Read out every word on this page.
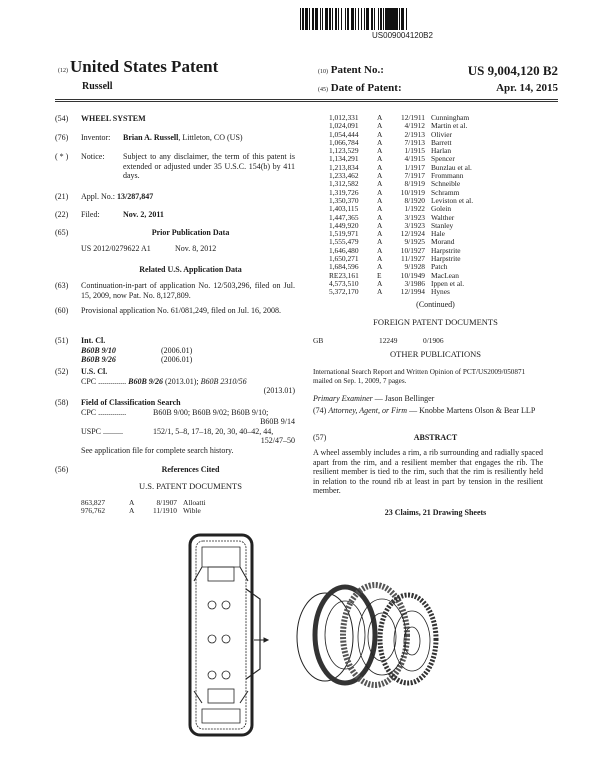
US009004120B2
(12) United States Patent
Russell
(10) Patent No.:	US 9,004,120 B2
(45) Date of Patent:	Apr. 14, 2015
(54) WHEEL SYSTEM
(76) Inventor: Brian A. Russell, Littleton, CO (US)
( * ) Notice: Subject to any disclaimer, the term of this patent is extended or adjusted under 35 U.S.C. 154(b) by 411 days.
(21) Appl. No.: 13/287,847
(22) Filed:	Nov. 2, 2011
(65)	Prior Publication Data
US 2012/0279622 A1	Nov. 8, 2012
Related U.S. Application Data
(63) Continuation-in-part of application No. 12/503,296, filed on Jul. 15, 2009, now Pat. No. 8,127,809.
(60) Provisional application No. 61/081,249, filed on Jul. 16, 2008.
(51) Int. Cl.
B60B 9/10	(2006.01)
B60B 9/26	(2006.01)
(52) U.S. Cl.
CPC .............. B60B 9/26 (2013.01); B60B 2310/56
(2013.01)
(58) Field of Classification Search
CPC ..............	B60B 9/00; B60B 9/02; B60B 9/10;
B60B 9/14
USPC ..........	152/1, 5–8, 17–18, 20, 30, 40–42, 44,
152/47–50
See application file for complete search history.
(56)	References Cited
U.S. PATENT DOCUMENTS
863,827	A	8/1907 Alloatti
976,762	A	11/1910 Wible
1,012,331	A	12/1911 Cunningham
1,024,091	A	4/1912 Martin et al.
1,054,444	A	2/1913 Olivier
1,066,784	A	7/1913 Barrett
1,123,529	A	1/1915 Harlan
1,134,291	A	4/1915 Spencer
1,213,834	A	1/1917 Bunzlau et al.
1,233,462	A	7/1917 Frommann
1,312,582	A	8/1919 Schneible
1,319,726	A	10/1919 Schramm
1,350,370	A	8/1920 Leviston et al.
1,403,115	A	1/1922 Golein
1,447,365	A	3/1923 Walther
1,449,920	A	3/1923 Stanley
1,519,971	A	12/1924 Hale
1,555,479	A	9/1925 Morand
1,646,480	A	10/1927 Harpstrite
1,650,271	A	11/1927 Harpstrite
1,684,596	A	9/1928 Patch
RE23,161	E	10/1949 MacLean
4,573,510	A	3/1986 Ippen et al.
5,372,170	A	12/1994 Hynes
(Continued)
FOREIGN PATENT DOCUMENTS
GB	12249	0/1906
OTHER PUBLICATIONS
International Search Report and Written Opinion of PCT/US2009/050871 mailed on Sep. 1, 2009, 7 pages.
Primary Examiner — Jason Bellinger
(74) Attorney, Agent, or Firm — Knobbe Martens Olson & Bear LLP
(57)	ABSTRACT
A wheel assembly includes a rim, a rib surrounding and radially spaced apart from the rim, and a resilient member that engages the rib. The resilient member is tied to the rim, such that the rim is resiliently held in relation to the round rib at least in part by tension in the resilient member.
23 Claims, 21 Drawing Sheets
